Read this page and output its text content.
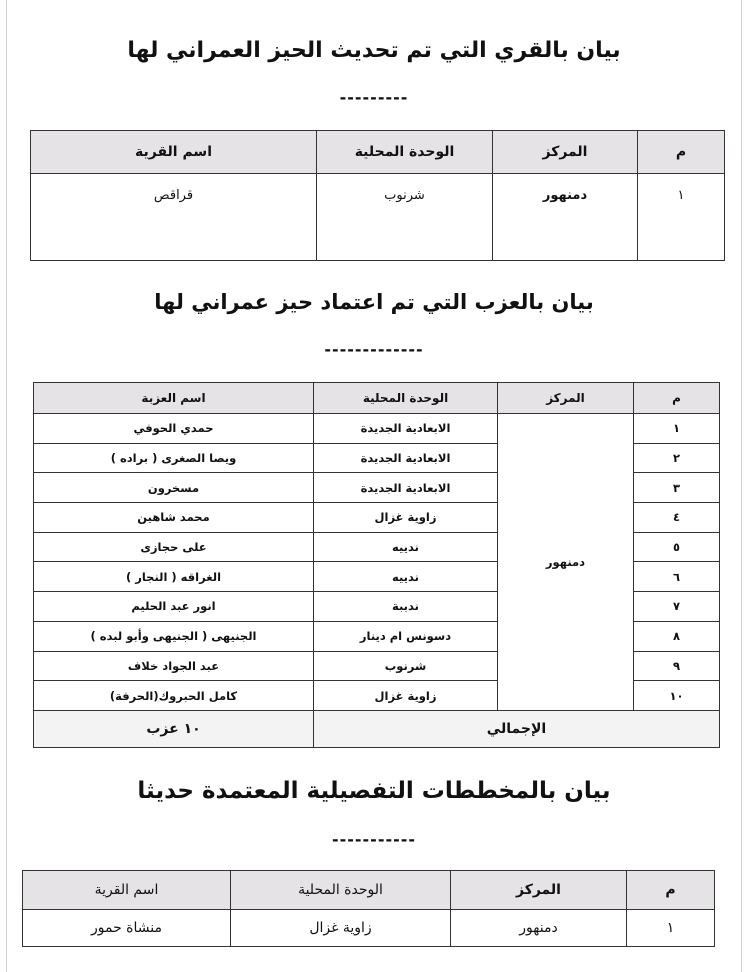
بيان بالقري التي تم تحديث الحيز العمراني لها
---------
م	المركز	الوحدة المحلية	اسم القرية
١	دمنهور	شرنوب	قراقص
بيان بالعزب التي تم اعتماد حيز عمراني لها
-------------
م	المركز	الوحدة المحلية	اسم العزبة
١	دمنهور	الابعادية الجديدة	حمدي الحوفي
٢		الابعادية الجديدة	ويصا الصغرى ( براده )
٣		الابعادية الجديدة	مسخرون
٤		زاوية غزال	محمد شاهين
٥		ندييه	على حجازى
٦		ندييه	الغراقه ( النجار )
٧		ندببة	انور عبد الحليم
٨		دسونس ام دينار	الجنيهى ( الجنيهى وأبو لبده )
٩		شرنوب	عبد الجواد خلاف
١٠		زاوية غزال	كامل الحبروك(الحرفة)
الإجمالي			١٠ عزب
بيان بالمخططات التفصيلية المعتمدة حديثا
-----------
م	المركز	الوحدة المحلية	اسم القرية
١	دمنهور	زاوية غزال	منشاة حمور
